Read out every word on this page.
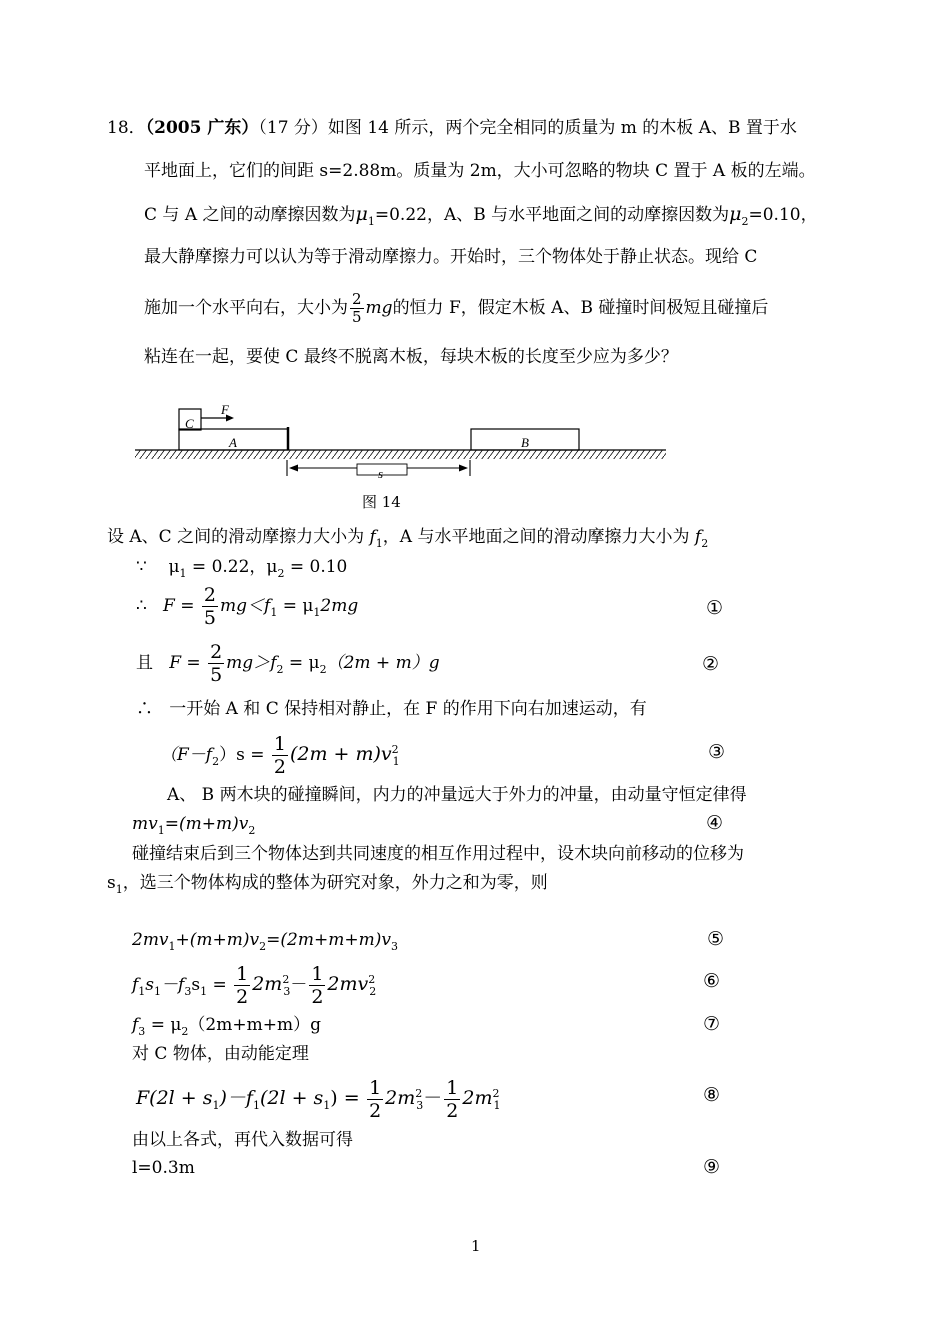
18．（2005 广东）（17 分）如图 14 所示，两个完全相同的质量为 m 的木板 A、B 置于水
平地面上，它们的间距 s=2.88m。质量为 2m，大小可忽略的物块 C 置于 A 板的左端。
C 与 A 之间的动摩擦因数为$\mu_1=0.22$，A、B 与水平地面之间的动摩擦因数为$\mu_2=0.10$，
最大静摩擦力可以认为等于滑动摩擦力。开始时，三个物体处于静止状态。现给 C
施加一个水平向右，大小为 $\frac{2}{5}$ mg的恒力 F，假定木板 A、B 碰撞时间极短且碰撞后
粘连在一起，要使 C 最终不脱离木板，每块木板的长度至少应为多少？
C
F
A	B
s
图 14
设 A、C 之间的滑动摩擦力大小为 $f_1$，A 与水平地面之间的滑动摩擦力大小为 $f_2$
∵ $\mu_1 = 0.22$，$\mu_2 = 0.10$
∴ $F = \frac{2}{5} mg<f_1 = \mu_12mg$	①
且 $F = \frac{2}{5} mg>f_2 = \mu_2(2m + m)g$	②
∴ 一开始 A 和 C 保持相对静止，在 F 的作用下向右加速运动，有
$(F-f_2)s = \frac{1}{2} (2m + m)v^2_1$	③
A、 B 两木块的碰撞瞬间，内力的冲量远大于外力的冲量，由动量守恒定律得
$mv_1=(m+m)v_2$	④
碰撞结束后到三个物体达到共同速度的相互作用过程中，设木块向前移动的位移为
$s_1$，选三个物体构成的整体为研究对象，外力之和为零，则
$2mv_1+(m+m)v_2=(2m+m+m)v_3$	⑤
$f_1s_1-f_3s_1 = \frac{1}{2} 2m^2_3- \frac{1}{2} 2mv^2_2$	⑥
$f_3 = \mu_2(2m+m+m)g$	⑦
对 C 物体，由动能定理
$F(2l + s_1)-f_1(2l + s_1) = \frac{1}{2} 2m^2_3- \frac{1}{2} 2m^2_1$	⑧
由以上各式，再代入数据可得
l=0.3m	⑨
1
